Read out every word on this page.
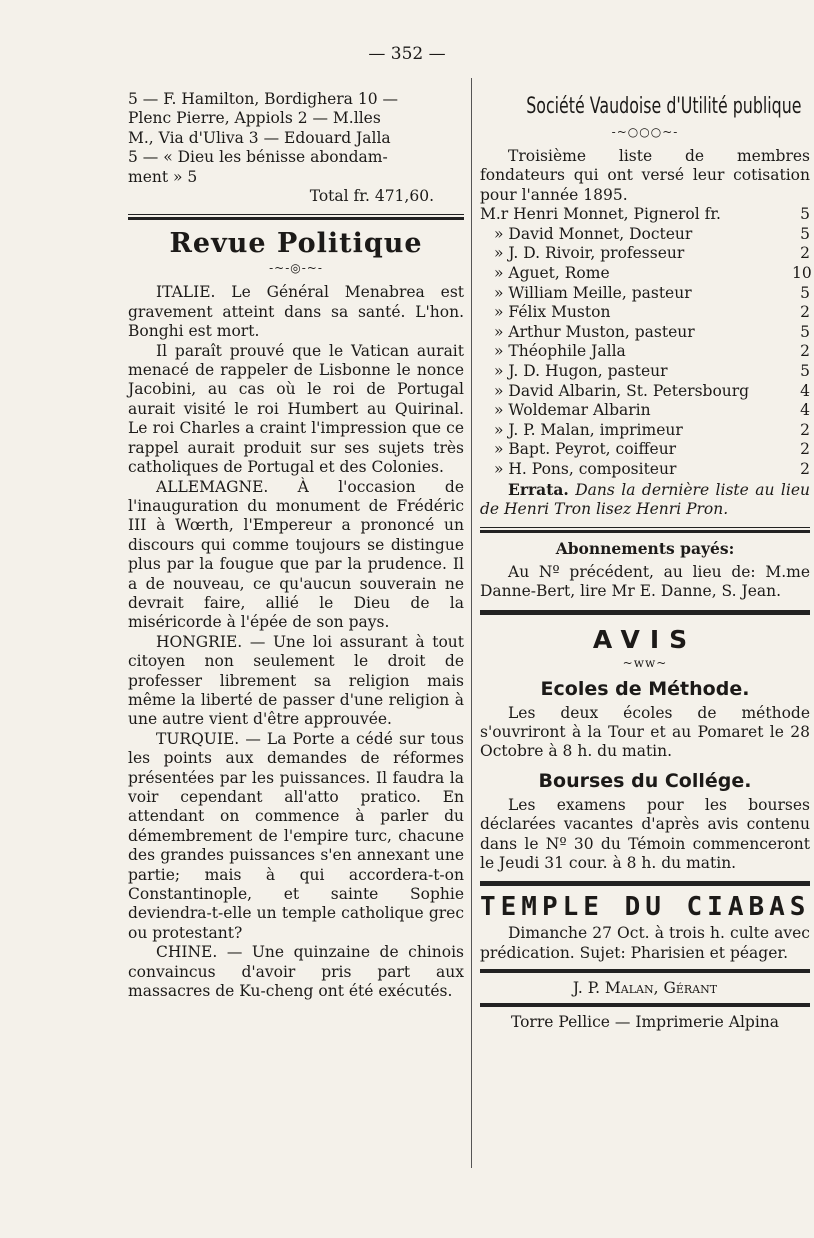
— 352 —

5 — F. Hamilton, Bordighera 10 —

Plenc Pierre, Appiols 2 — M.lles

M., Via d'Uliva 3 — Edouard Jalla

5 — « Dieu les bénisse abondam-

ment » 5

Total fr. 471,60.

Revue Politique
-~-◎-~-

ITALIE. Le Général Menabrea est gravement atteint dans sa santé. L'hon. Bonghi est mort.

Il paraît prouvé que le Vatican aurait menacé de rappeler de Lisbonne le nonce Jacobini, au cas où le roi de Portugal aurait visité le roi Humbert au Quirinal. Le roi Charles a craint l'impression que ce rappel aurait produit sur ses sujets très catholiques de Portugal et des Colonies.

ALLEMAGNE. À l'occasion de l'inauguration du monument de Frédéric III à Wœrth, l'Empereur a prononcé un discours qui comme toujours se distingue plus par la fougue que par la prudence. Il a de nouveau, ce qu'aucun souverain ne devrait faire, allié le Dieu de la miséricorde à l'épée de son pays.

HONGRIE. — Une loi assurant à tout citoyen non seulement le droit de professer librement sa religion mais même la liberté de passer d'une religion à une autre vient d'être approuvée.

TURQUIE. — La Porte a cédé sur tous les points aux demandes de réformes présentées par les puissances. Il faudra la voir cependant all'atto pratico. En attendant on commence à parler du démembrement de l'empire turc, chacune des grandes puissances s'en annexant une partie; mais à qui accordera-t-on Constantinople, et sainte Sophie deviendra-t-elle un temple catholique grec ou protestant?

CHINE. — Une quinzaine de chinois convaincus d'avoir pris part aux massacres de Ku-cheng ont été exécutés.

Société Vaudoise d'Utilité publique
-~○○○~-

Troisième liste de membres fondateurs qui ont versé leur cotisation pour l'année 1895.

M.r Henri Monnet, Pignerol fr.	5
» David Monnet, Docteur	5
» J. D. Rivoir, professeur	2
» Aguet, Rome	10
» William Meille, pasteur	5
» Félix Muston	2
» Arthur Muston, pasteur	5
» Théophile Jalla	2
» J. D. Hugon, pasteur	5
» David Albarin, St. Petersbourg	4
» Woldemar Albarin	4
» J. P. Malan, imprimeur	2
» Bapt. Peyrot, coiffeur	2
» H. Pons, compositeur	2

Errata. Dans la dernière liste au lieu de Henri Tron lisez Henri Pron.

Abonnements payés:

Au Nº précédent, au lieu de: M.me Danne-Bert, lire Mr E. Danne, S. Jean.

AVIS
~ww~
Ecoles de Méthode.

Les deux écoles de méthode s'ouvriront à la Tour et au Pomaret le 28 Octobre à 8 h. du matin.

Bourses du Collége.

Les examens pour les bourses déclarées vacantes d'après avis contenu dans le Nº 30 du Témoin commenceront le Jeudi 31 cour. à 8 h. du matin.

TEMPLE DU CIABAS

Dimanche 27 Oct. à trois h. culte avec prédication. Sujet: Pharisien et péager.

J. P. Malan, Gérant

Torre Pellice — Imprimerie Alpina
